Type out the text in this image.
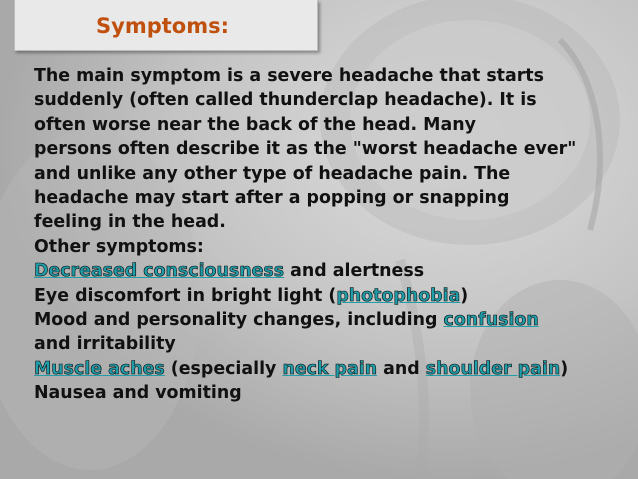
Symptoms:
The main symptom is a severe headache that starts
suddenly (often called thunderclap headache). It is
often worse near the back of the head. Many
persons often describe it as the "worst headache ever"
and unlike any other type of headache pain. The
headache may start after a popping or snapping
feeling in the head.
Other symptoms:
Decreased consciousness and alertness
Eye discomfort in bright light (photophobia)
Mood and personality changes, including confusion
and irritability
Muscle aches (especially neck pain and shoulder pain)
Nausea and vomiting
